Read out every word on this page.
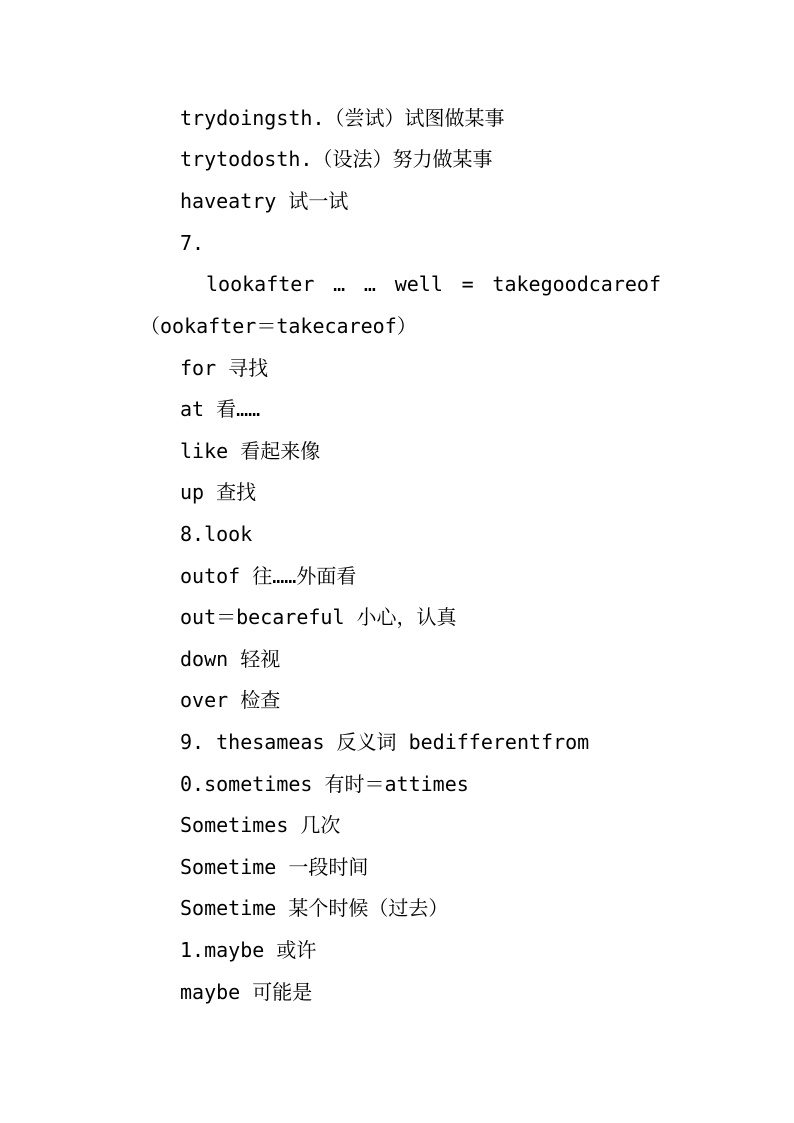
trydoingsth.（尝试）试图做某事
trytodosth.（设法）努力做某事
haveatry 试一试
7.
lookafter … … well = takegoodcareof
（ookafter＝takecareof）
for 寻找
at 看……
like 看起来像
up 查找
8.look
outof 往……外面看
out＝becareful 小心，认真
down 轻视
over 检查
9. thesameas 反义词 bedifferentfrom
0.sometimes 有时＝attimes
Sometimes 几次
Sometime 一段时间
Sometime 某个时候（过去）
1.maybe 或许
maybe 可能是
